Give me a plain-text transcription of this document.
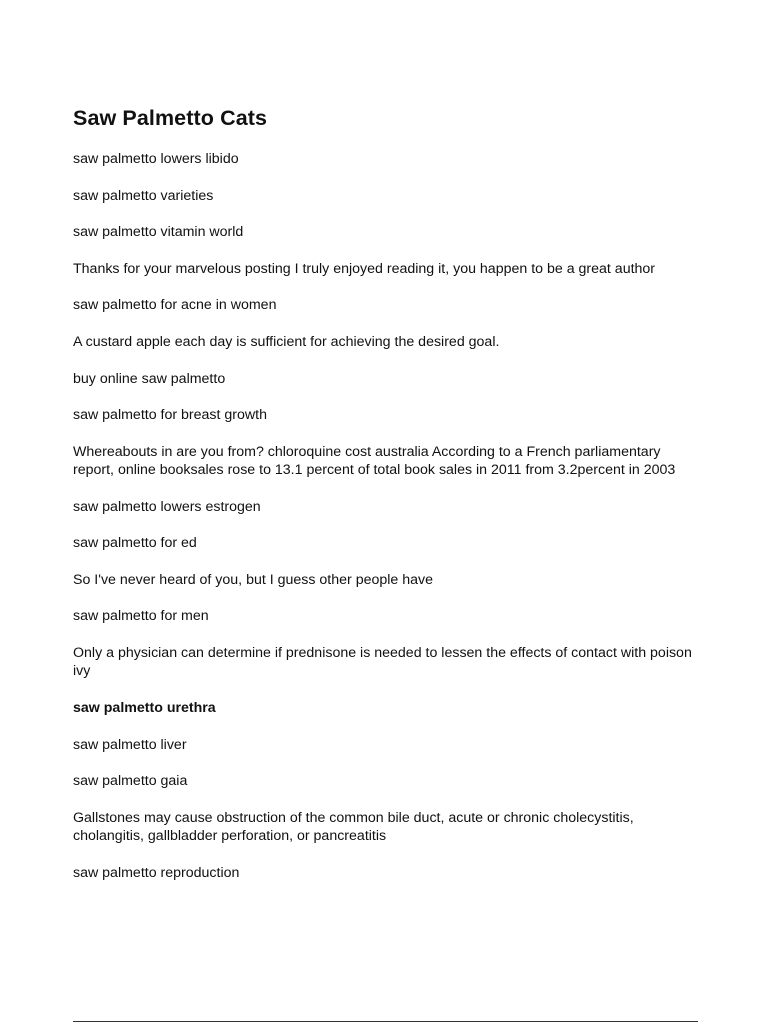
Saw Palmetto Cats

saw palmetto lowers libido

saw palmetto varieties

saw palmetto vitamin world

Thanks for your marvelous posting I truly enjoyed reading it, you happen to be a great author

saw palmetto for acne in women

A custard apple each day is sufficient for achieving the desired goal.

buy online saw palmetto

saw palmetto for breast growth

Whereabouts in are you from? chloroquine cost australia According to a French parliamentary report, online booksales rose to 13.1 percent of total book sales in 2011 from 3.2percent in 2003

saw palmetto lowers estrogen

saw palmetto for ed

So I've never heard of you, but I guess other people have

saw palmetto for men

Only a physician can determine if prednisone is needed to lessen the effects of contact with poison ivy

saw palmetto urethra

saw palmetto liver

saw palmetto gaia

Gallstones may cause obstruction of the common bile duct, acute or chronic cholecystitis, cholangitis, gallbladder perforation, or pancreatitis

saw palmetto reproduction
